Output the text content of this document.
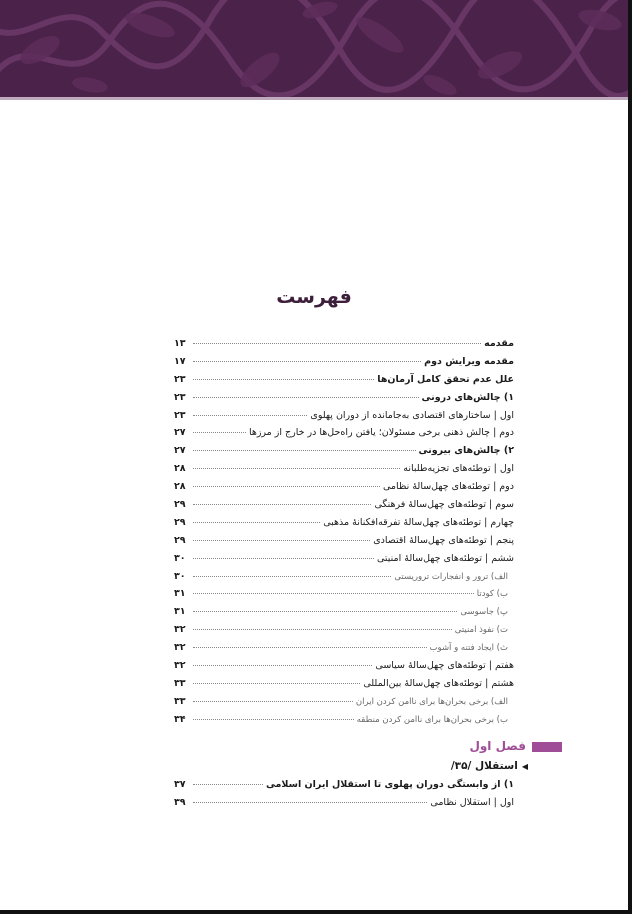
فهرست
مقدمه
۱۳
مقدمه ویرایش دوم
۱۷
علل عدم تحقق کامل آرمان‌ها
۲۳
۱) چالش‌های درونی
۲۳
اول | ساختارهای اقتصادی به‌جامانده از دوران پهلوی
۲۳
دوم | چالش ذهنی برخی مسئولان؛ یافتن راه‌حل‌ها در خارج از مرزها
۲۷
۲) چالش‌های بیرونی
۲۷
اول | توطئه‌های تجزیه‌طلبانه
۲۸
دوم | توطئه‌های چهل‌سالهٔ نظامی
۲۸
سوم | توطئه‌های چهل‌سالهٔ فرهنگی
۲۹
چهارم | توطئه‌های چهل‌سالهٔ تفرقه‌افکنانهٔ مذهبی
۲۹
پنجم | توطئه‌های چهل‌سالهٔ اقتصادی
۲۹
ششم | توطئه‌های چهل‌سالهٔ امنیتی
۳۰
الف) ترور و انفجارات تروریستی
۳۰
ب) کودتا
۳۱
پ) جاسوسی
۳۱
ت) نفوذ امنیتی
۳۲
ث) ایجاد فتنه و آشوب
۳۲
هفتم | توطئه‌های چهل‌سالهٔ سیاسی
۳۲
هشتم | توطئه‌های چهل‌سالهٔ بین‌المللی
۳۳
الف) برخی بحران‌ها برای ناامن کردن ایران
۳۳
ب) برخی بحران‌ها برای ناامن کردن منطقه
۳۴
فصل اول
◀استقلال /۳۵/
۱) از وابستگی دوران پهلوی تا استقلال ایران اسلامی
۳۷
اول | استقلال نظامی
۳۹
